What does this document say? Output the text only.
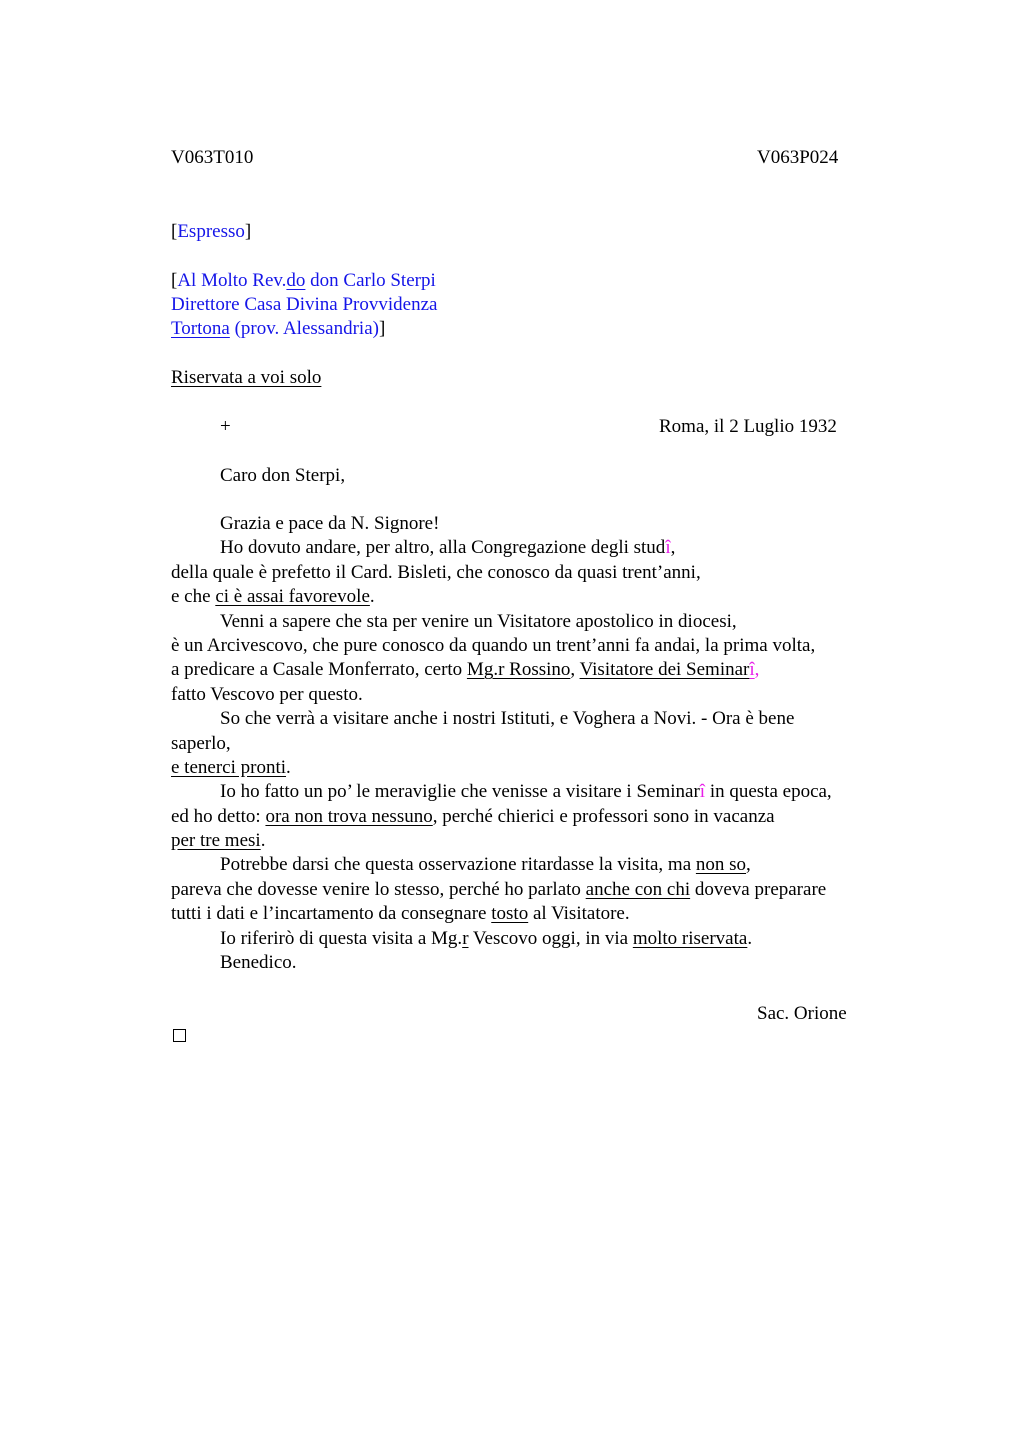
V063T010	V063P024
[Espresso]
[Al Molto Rev.do don Carlo Sterpi
Direttore Casa Divina Provvidenza
Tortona (prov. Alessandria)]
Riservata a voi solo
+	Roma, il 2 Luglio 1932
Caro don Sterpi,
Grazia e pace da N. Signore!
Ho dovuto andare, per altro, alla Congregazione degli studî,
della quale è prefetto il Card. Bisleti, che conosco da quasi trent’anni,
e che ci è assai favorevole.
Venni a sapere che sta per venire un Visitatore apostolico in diocesi,
è un Arcivescovo, che pure conosco da quando un trent’anni fa andai, la prima volta,
a predicare a Casale Monferrato, certo Mg.r Rossino, Visitatore dei Seminarî,
fatto Vescovo per questo.
So che verrà a visitare anche i nostri Istituti, e Voghera a Novi. - Ora è bene
saperlo,
e tenerci pronti.
Io ho fatto un po’ le meraviglie che venisse a visitare i Seminarî in questa epoca,
ed ho detto: ora non trova nessuno, perché chierici e professori sono in vacanza
per tre mesi.
Potrebbe darsi che questa osservazione ritardasse la visita, ma non so,
pareva che dovesse venire lo stesso, perché ho parlato anche con chi doveva preparare
tutti i dati e l’incartamento da consegnare tosto al Visitatore.
Io riferirò di questa visita a Mg.r Vescovo oggi, in via molto riservata.
Benedico.
Sac. Orione
